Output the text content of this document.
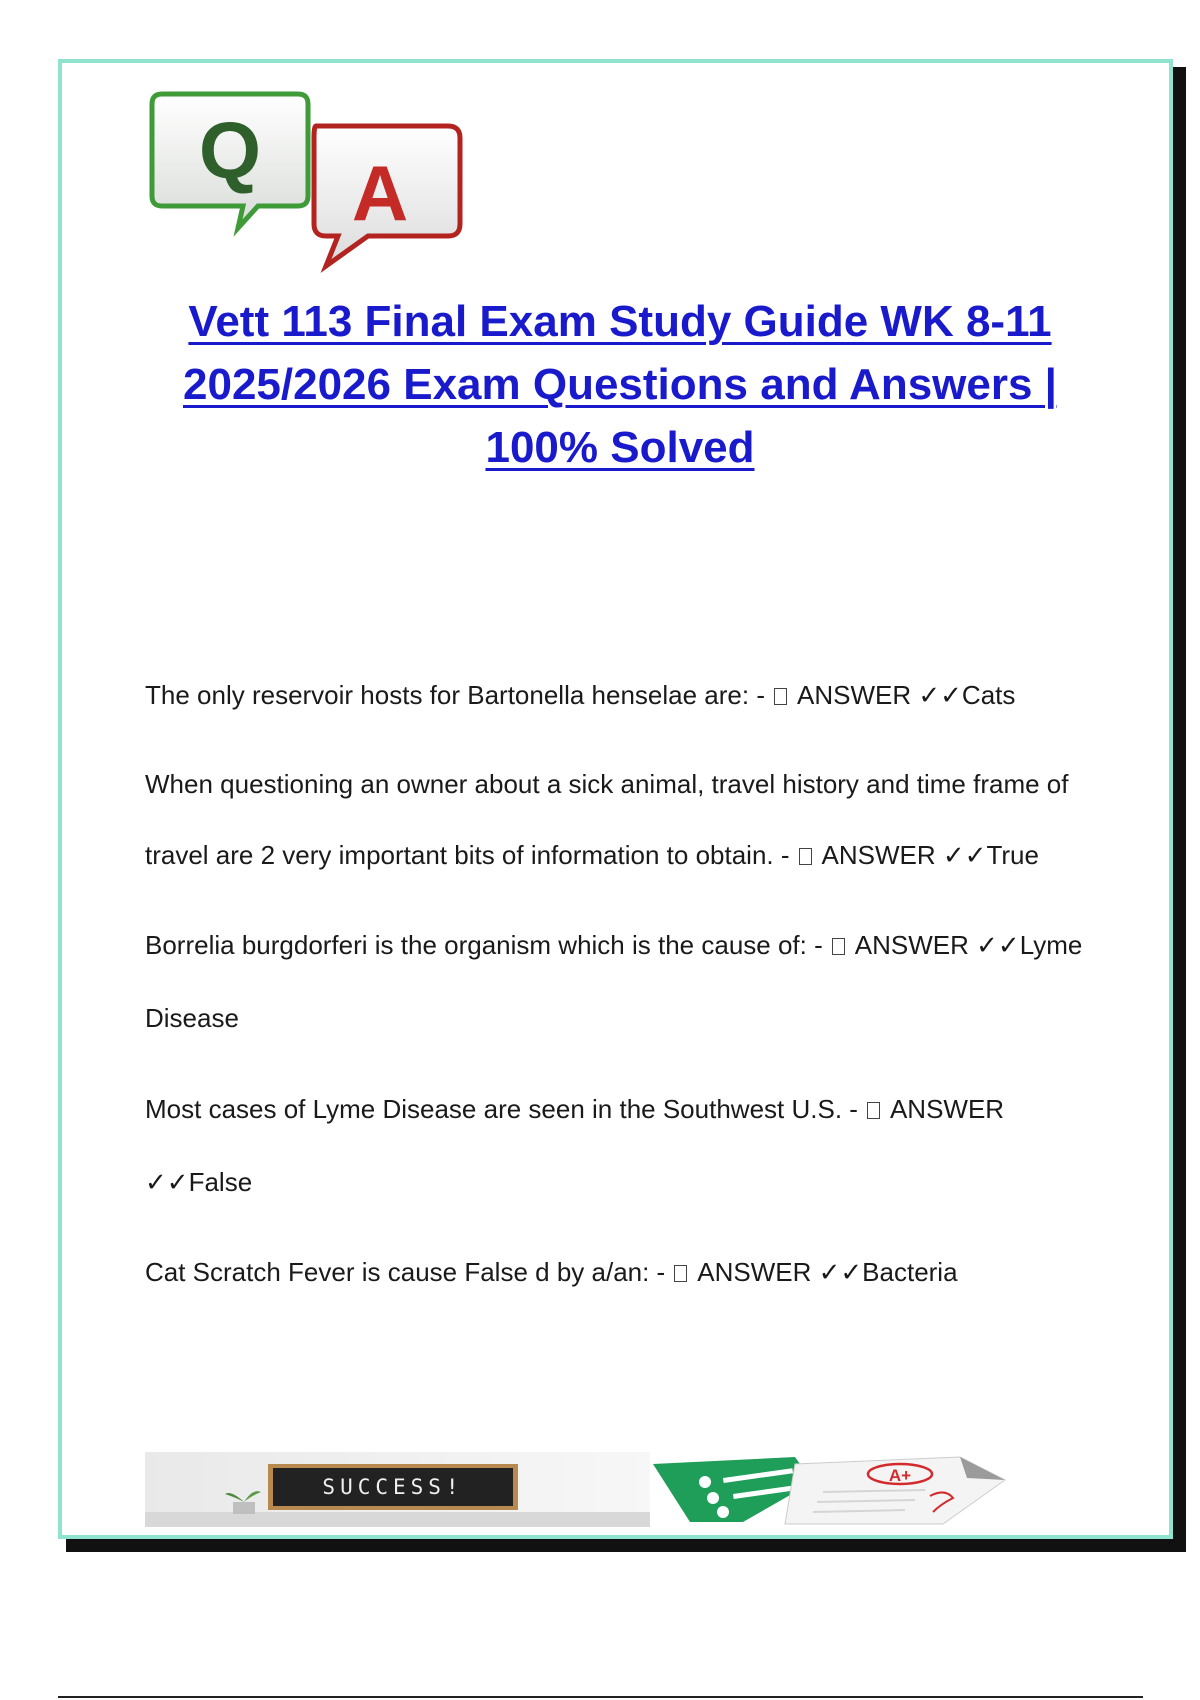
A
Q
Vett 113 Final Exam Study Guide WK 8-11 2025/2026 Exam Questions and Answers | 100% Solved

The only reservoir hosts for Bartonella henselae are: -  ANSWER ✓✓Cats

When questioning an owner about a sick animal, travel history and time frame of travel are 2 very important bits of information to obtain. -  ANSWER ✓✓True

Borrelia burgdorferi is the organism which is the cause of: -  ANSWER ✓✓Lyme Disease

Most cases of Lyme Disease are seen in the Southwest U.S. -  ANSWER ✓✓False

Cat Scratch Fever is cause False d by a/an: -  ANSWER ✓✓Bacteria

SUCCESS!	A+
